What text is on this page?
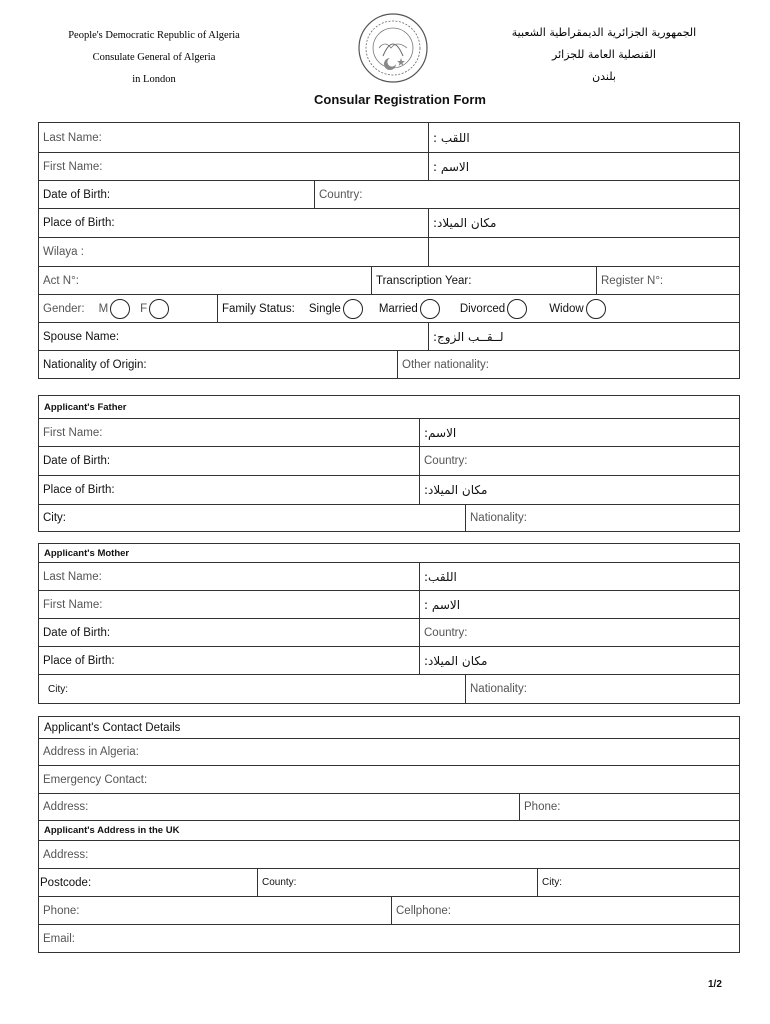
People's Democratic Republic of Algeria
Consulate General of Algeria
in London
الجمهورية الجزائرية الديمقراطية الشعبية
القنصلية العامة للجزائر
بلندن
Consular Registration Form
Last Name:	اللقب :
First Name:	الاسم :
Date of Birth:	Country:
Place of Birth:	مكان الميلاد:
Wilaya :
Act N°:	Transcription Year:	Register N°:
Gender: M	F	Family Status: Single	Married	Divorced	Widow
Spouse Name:	لــقــب الزوج:
Nationality of Origin:	Other nationality:
Applicant's Father
First Name:	الاسم:
Date of Birth:	Country:
Place of Birth:	مكان الميلاد:
City:	Nationality:
Applicant's Mother
Last Name:	اللقب:
First Name:	الاسم :
Date of Birth:	Country:
Place of Birth:	مكان الميلاد:
City:	Nationality:
Applicant's Contact Details
Address in Algeria:
Emergency Contact:
Address:	Phone:
Applicant's Address in the UK
Address:
Postcode:	County:	City:
Phone:	Cellphone:
Email:
1/2
